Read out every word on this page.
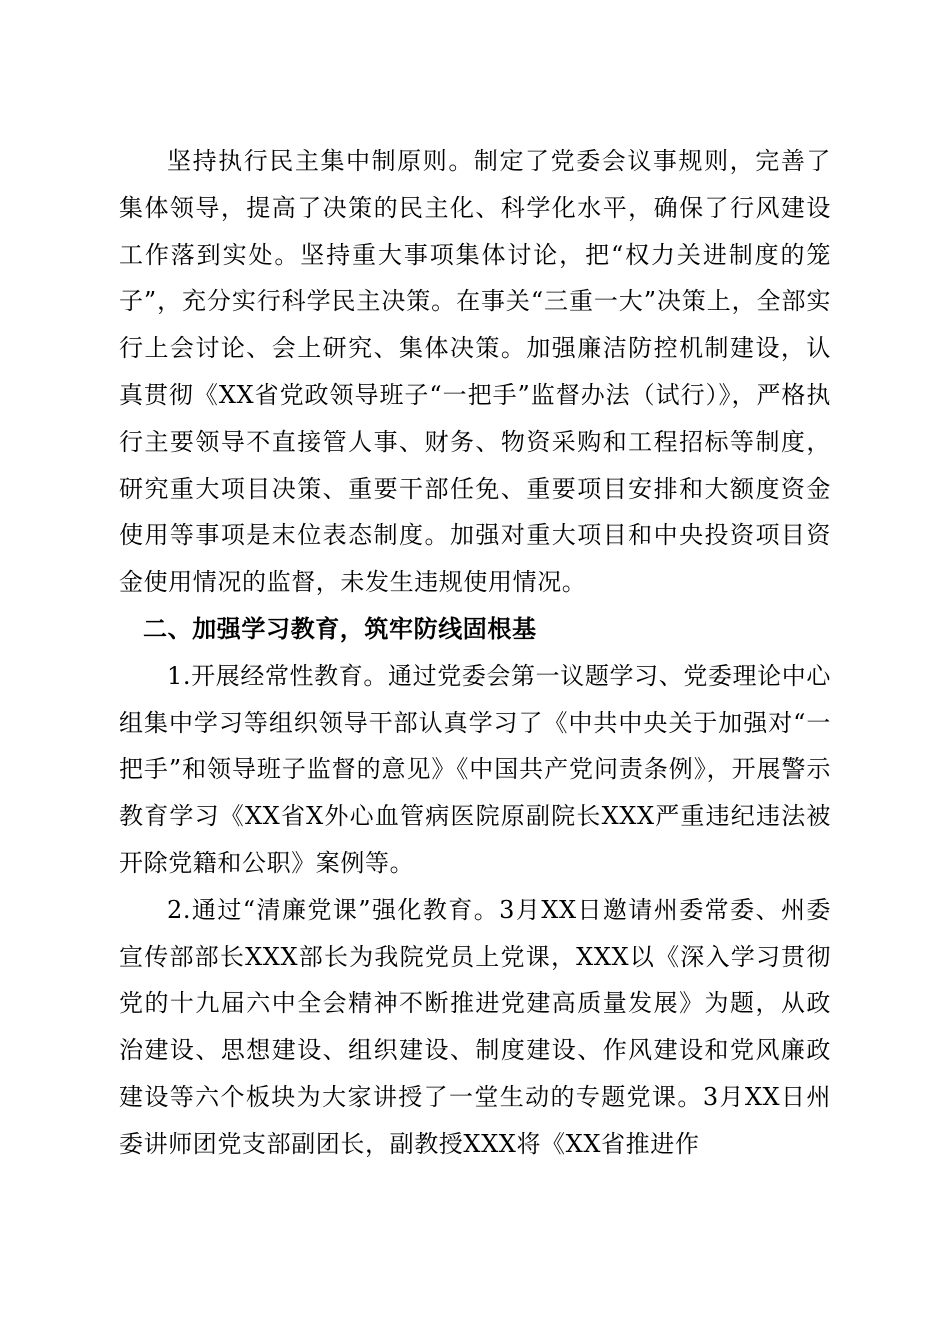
坚持执行民主集中制原则。制定了党委会议事规则，完善了集体领导，提高了决策的民主化、科学化水平，确保了行风建设工作落到实处。坚持重大事项集体讨论，把“权力关进制度的笼子”，充分实行科学民主决策。在事关“三重一大”决策上，全部实行上会讨论、会上研究、集体决策。加强廉洁防控机制建设，认真贯彻《XX省党政领导班子“一把手”监督办法（试行）》，严格执行主要领导不直接管人事、财务、物资采购和工程招标等制度，研究重大项目决策、重要干部任免、重要项目安排和大额度资金使用等事项是末位表态制度。加强对重大项目和中央投资项目资金使用情况的监督，未发生违规使用情况。

二、加强学习教育，筑牢防线固根基

1.开展经常性教育。通过党委会第一议题学习、党委理论中心组集中学习等组织领导干部认真学习了《中共中央关于加强对“一把手”和领导班子监督的意见》《中国共产党问责条例》，开展警示教育学习《XX省X外心血管病医院原副院长XXX严重违纪违法被开除党籍和公职》案例等。

2.通过“清廉党课”强化教育。3月XX日邀请州委常委、州委宣传部部长XXX部长为我院党员上党课，XXX以《深入学习贯彻党的十九届六中全会精神不断推进党建高质量发展》为题，从政治建设、思想建设、组织建设、制度建设、作风建设和党风廉政建设等六个板块为大家讲授了一堂生动的专题党课。3月XX日州委讲师团党支部副团长，副教授XXX将《XX省推进作
